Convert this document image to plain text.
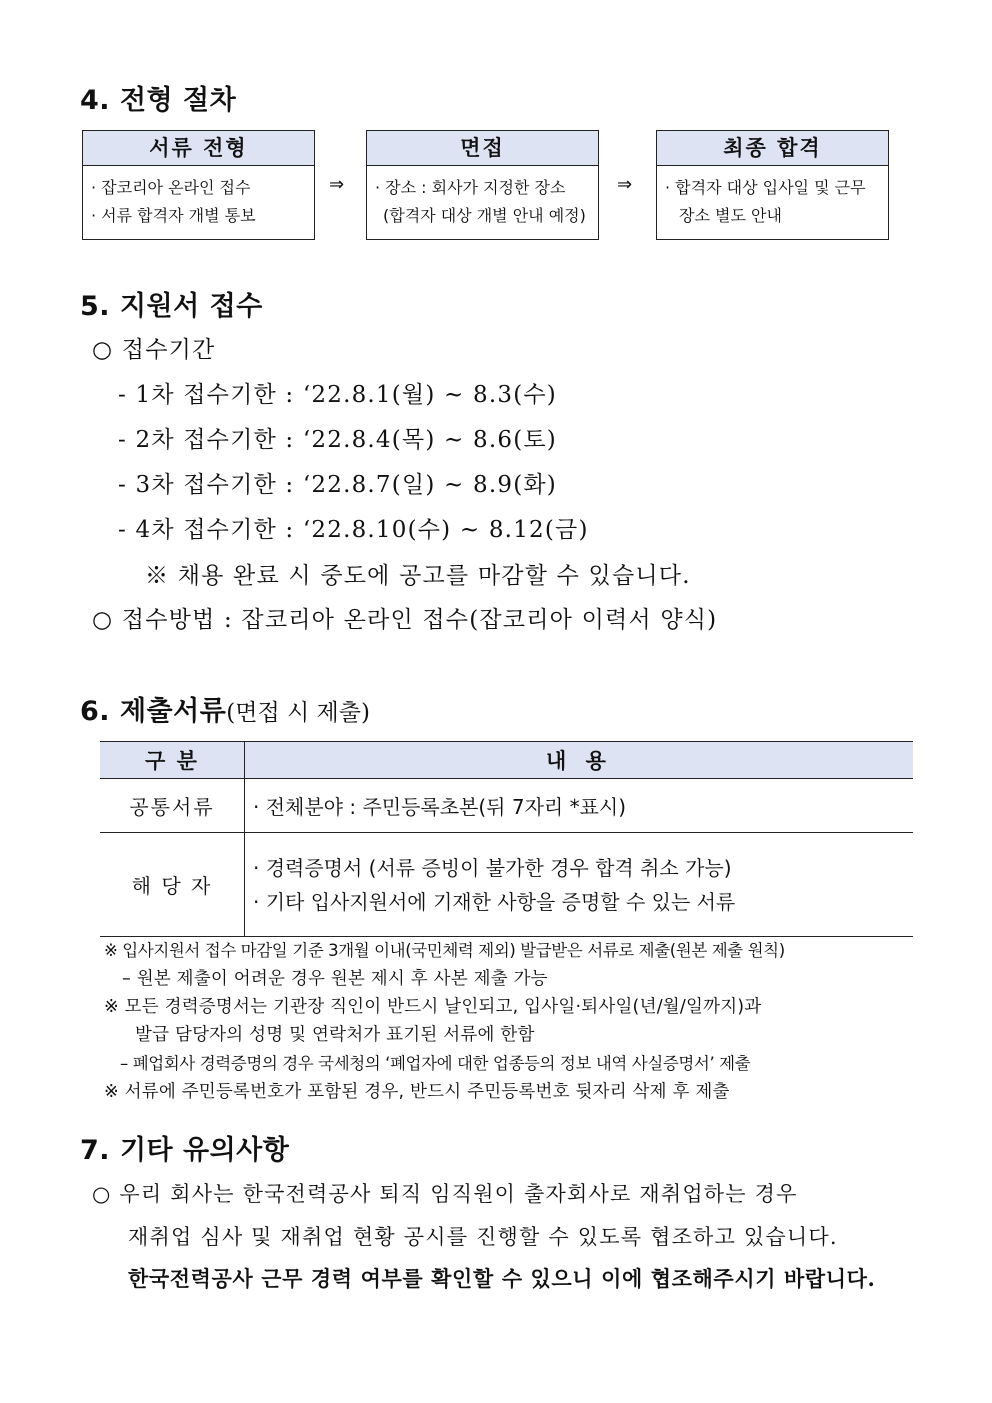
4. 전형 절차
서류 전형
· 잡코리아 온라인 접수
· 서류 합격자 개별 통보
⇒
면접
· 장소 : 회사가 지정한 장소
(합격자 대상 개별 안내 예정)
⇒
최종 합격
· 합격자 대상 입사일 및 근무
장소 별도 안내
5. 지원서 접수
○ 접수기간
- 1차 접수기한 : ‘22.8.1(월) ~ 8.3(수)
- 2차 접수기한 : ‘22.8.4(목) ~ 8.6(토)
- 3차 접수기한 : ‘22.8.7(일) ~ 8.9(화)
- 4차 접수기한 : ‘22.8.10(수) ~ 8.12(금)
※ 채용 완료 시 중도에 공고를 마감할 수 있습니다.
○ 접수방법 : 잡코리아 온라인 접수(잡코리아 이력서 양식)
6. 제출서류(면접 시 제출)
구 분	내 용
공통서류	· 전체분야 : 주민등록초본(뒤 7자리 *표시)

해 당 자	· 경력증명서 (서류 증빙이 불가한 경우 합격 취소 가능)
· 기타 입사지원서에 기재한 사항을 증명할 수 있는 서류
※ 입사지원서 접수 마감일 기준 3개월 이내(국민체력 제외) 발급받은 서류로 제출(원본 제출 원칙)
– 원본 제출이 어려운 경우 원본 제시 후 사본 제출 가능
※ 모든 경력증명서는 기관장 직인이 반드시 날인되고, 입사일·퇴사일(년/월/일까지)과
발급 담당자의 성명 및 연락처가 표기된 서류에 한함
– 폐업회사 경력증명의 경우 국세청의 ‘폐업자에 대한 업종등의 정보 내역 사실증명서’ 제출
※ 서류에 주민등록번호가 포함된 경우, 반드시 주민등록번호 뒷자리 삭제 후 제출
7. 기타 유의사항
○ 우리 회사는 한국전력공사 퇴직 임직원이 출자회사로 재취업하는 경우
재취업 심사 및 재취업 현황 공시를 진행할 수 있도록 협조하고 있습니다.
한국전력공사 근무 경력 여부를 확인할 수 있으니 이에 협조해주시기 바랍니다.
